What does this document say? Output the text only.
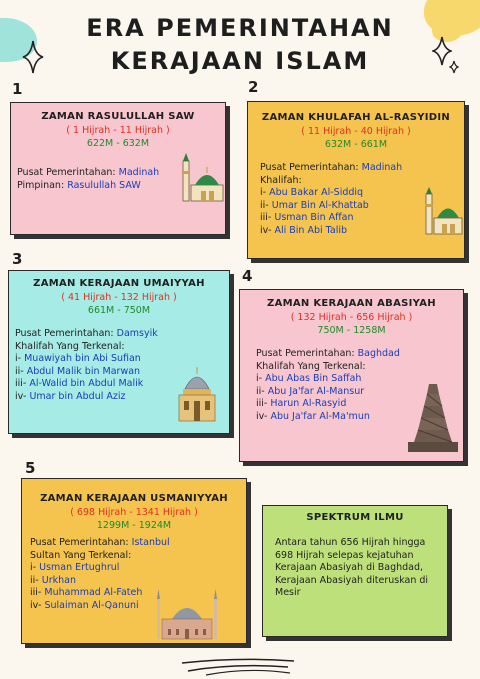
ERA PEMERINTAHAN
KERAJAAN ISLAM
1	2
3
4
5
ZAMAN RASULULLAH SAW
( 1 Hijrah - 11 Hijrah )
622M - 632M
Pusat Pemerintahan: Madinah
Pimpinan: Rasulullah SAW
ZAMAN KHULAFAH AL-RASYIDIN
( 11 Hijrah - 40 Hijrah )
632M - 661M
Pusat Pemerintahan: Madinah
Khalifah:
i- Abu Bakar Al-Siddiq
ii- Umar Bin Al-Khattab
iii- Usman Bin Affan
iv- Ali Bin Abi Talib
ZAMAN KERAJAAN UMAIYYAH
( 41 Hijrah - 132 Hijrah )
661M - 750M
Pusat Pemerintahan: Damsyik
Khalifah Yang Terkenal:
i- Muawiyah bin Abi Sufian
ii- Abdul Malik bin Marwan
iii- Al-Walid bin Abdul Malik
iv- Umar bin Abdul Aziz
ZAMAN KERAJAAN ABASIYAH
( 132 Hijrah - 656 Hijrah )
750M - 1258M
Pusat Pemerintahan: Baghdad
Khalifah Yang Terkenal:
i- Abu Abas Bin Saffah
ii- Abu Ja'far Al-Mansur
iii- Harun Al-Rasyid
iv- Abu Ja'far Al-Ma'mun
ZAMAN KERAJAAN USMANIYYAH
( 698 Hijrah - 1341 Hijrah )
1299M - 1924M
Pusat Pemerintahan: Istanbul
Sultan Yang Terkenal:
i- Usman Ertughrul
ii- Urkhan
iii- Muhammad Al-Fateh
iv- Sulaiman Al-Qanuni
SPEKTRUM ILMU
Antara tahun 656 Hijrah hingga 698 Hijrah selepas kejatuhan Kerajaan Abasiyah di Baghdad, Kerajaan Abasiyah diteruskan di Mesir
